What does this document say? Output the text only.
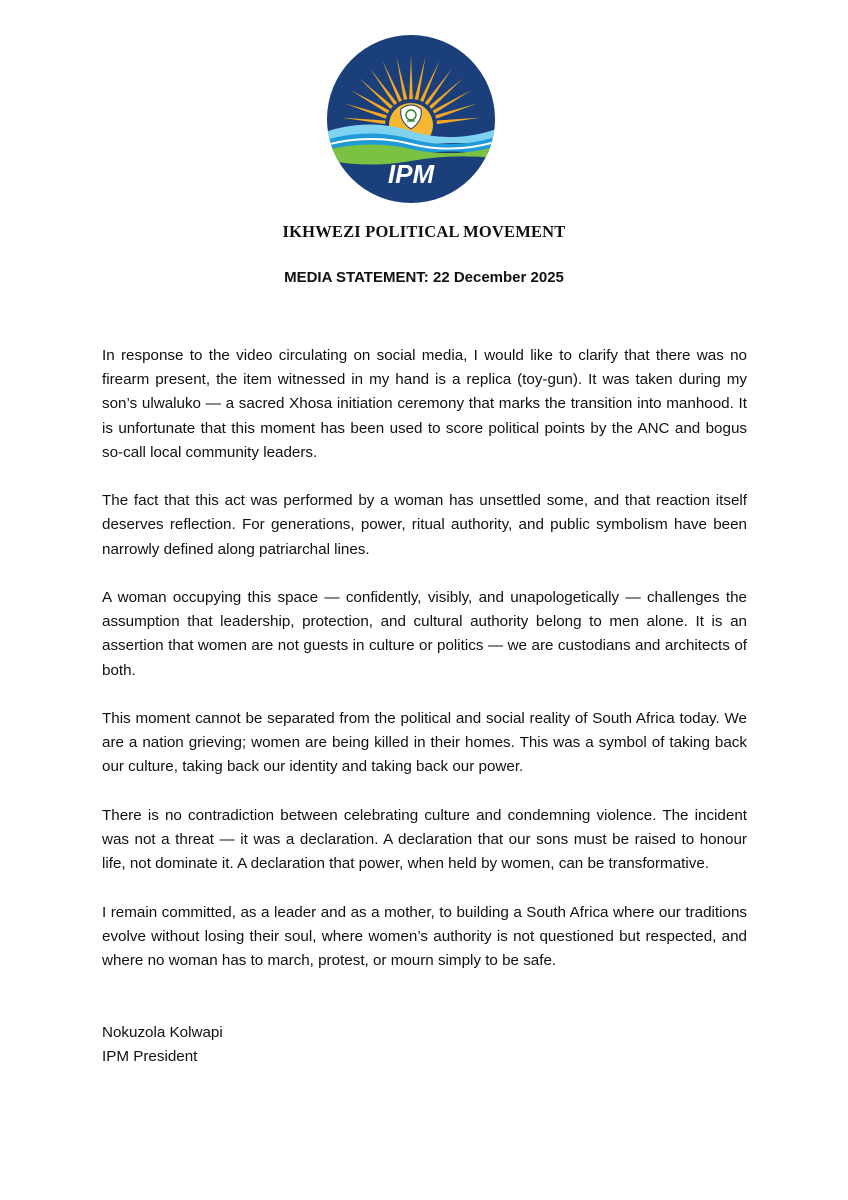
IPM
IKHWEZI POLITICAL MOVEMENT
MEDIA STATEMENT: 22 December 2025

In response to the video circulating on social media, I would like to clarify that there was no firearm present, the item witnessed in my hand is a replica (toy-gun). It was taken during my son’s ulwaluko — a sacred Xhosa initiation ceremony that marks the transition into manhood. It is unfortunate that this moment has been used to score political points by the ANC and bogus so-call local community leaders.

The fact that this act was performed by a woman has unsettled some, and that reaction itself deserves reflection. For generations, power, ritual authority, and public symbolism have been narrowly defined along patriarchal lines.

A woman occupying this space — confidently, visibly, and unapologetically — challenges the assumption that leadership, protection, and cultural authority belong to men alone. It is an assertion that women are not guests in culture or politics — we are custodians and architects of both.

This moment cannot be separated from the political and social reality of South Africa today. We are a nation grieving; women are being killed in their homes. This was a symbol of taking back our culture, taking back our identity and taking back our power.

There is no contradiction between celebrating culture and condemning violence. The incident was not a threat — it was a declaration. A declaration that our sons must be raised to honour life, not dominate it. A declaration that power, when held by women, can be transformative.

I remain committed, as a leader and as a mother, to building a South Africa where our traditions evolve without losing their soul, where women’s authority is not questioned but respected, and where no woman has to march, protest, or mourn simply to be safe.

Nokuzola Kolwapi
IPM President
